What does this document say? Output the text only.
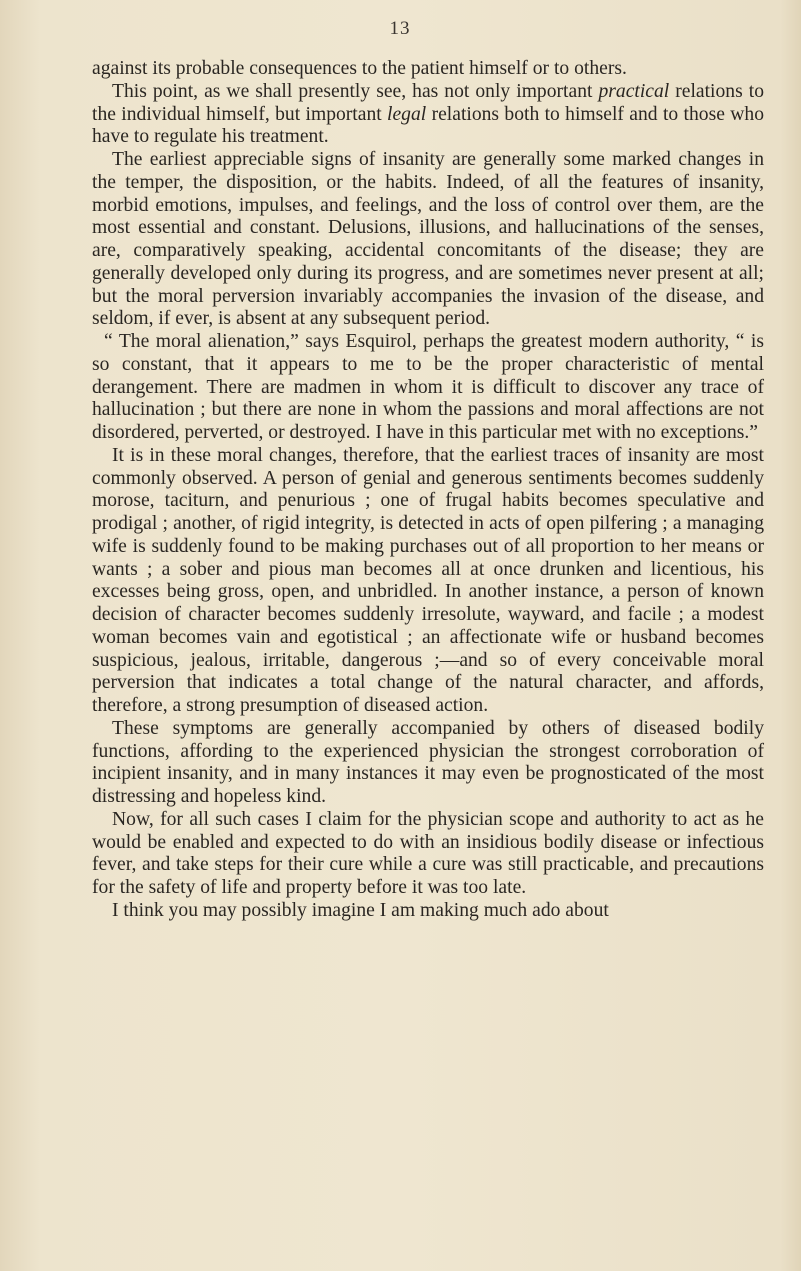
13

against its probable consequences to the patient himself or to others.

This point, as we shall presently see, has not only important practical relations to the individual himself, but important legal relations both to himself and to those who have to regulate his treatment.

The earliest appreciable signs of insanity are generally some marked changes in the temper, the disposition, or the habits. Indeed, of all the features of insanity, morbid emotions, impulses, and feelings, and the loss of control over them, are the most essential and constant. Delusions, illusions, and hallucinations of the senses, are, comparatively speaking, accidental concomitants of the disease; they are generally developed only during its progress, and are sometimes never present at all; but the moral perversion invariably accompanies the invasion of the disease, and seldom, if ever, is absent at any subsequent period.

“ The moral alienation,” says Esquirol, perhaps the greatest modern authority, “ is so constant, that it appears to me to be the proper characteristic of mental derangement. There are madmen in whom it is difficult to discover any trace of hallucination ; but there are none in whom the passions and moral affections are not disordered, perverted, or destroyed. I have in this particular met with no exceptions.”

It is in these moral changes, therefore, that the earliest traces of insanity are most commonly observed. A person of genial and generous sentiments becomes suddenly morose, taciturn, and penurious ; one of frugal habits becomes speculative and prodigal ; another, of rigid integrity, is detected in acts of open pilfering ; a managing wife is suddenly found to be making purchases out of all proportion to her means or wants ; a sober and pious man becomes all at once drunken and licentious, his excesses being gross, open, and unbridled. In another instance, a person of known decision of character becomes suddenly irresolute, wayward, and facile ; a modest woman becomes vain and egotistical ; an affectionate wife or husband becomes suspicious, jealous, irritable, dangerous ;—and so of every conceivable moral perversion that indicates a total change of the natural character, and affords, therefore, a strong presumption of diseased action.

These symptoms are generally accompanied by others of diseased bodily functions, affording to the experienced physician the strongest corroboration of incipient insanity, and in many instances it may even be prognosticated of the most distressing and hopeless kind.

Now, for all such cases I claim for the physician scope and authority to act as he would be enabled and expected to do with an insidious bodily disease or infectious fever, and take steps for their cure while a cure was still practicable, and precautions for the safety of life and property before it was too late.

I think you may possibly imagine I am making much ado about
